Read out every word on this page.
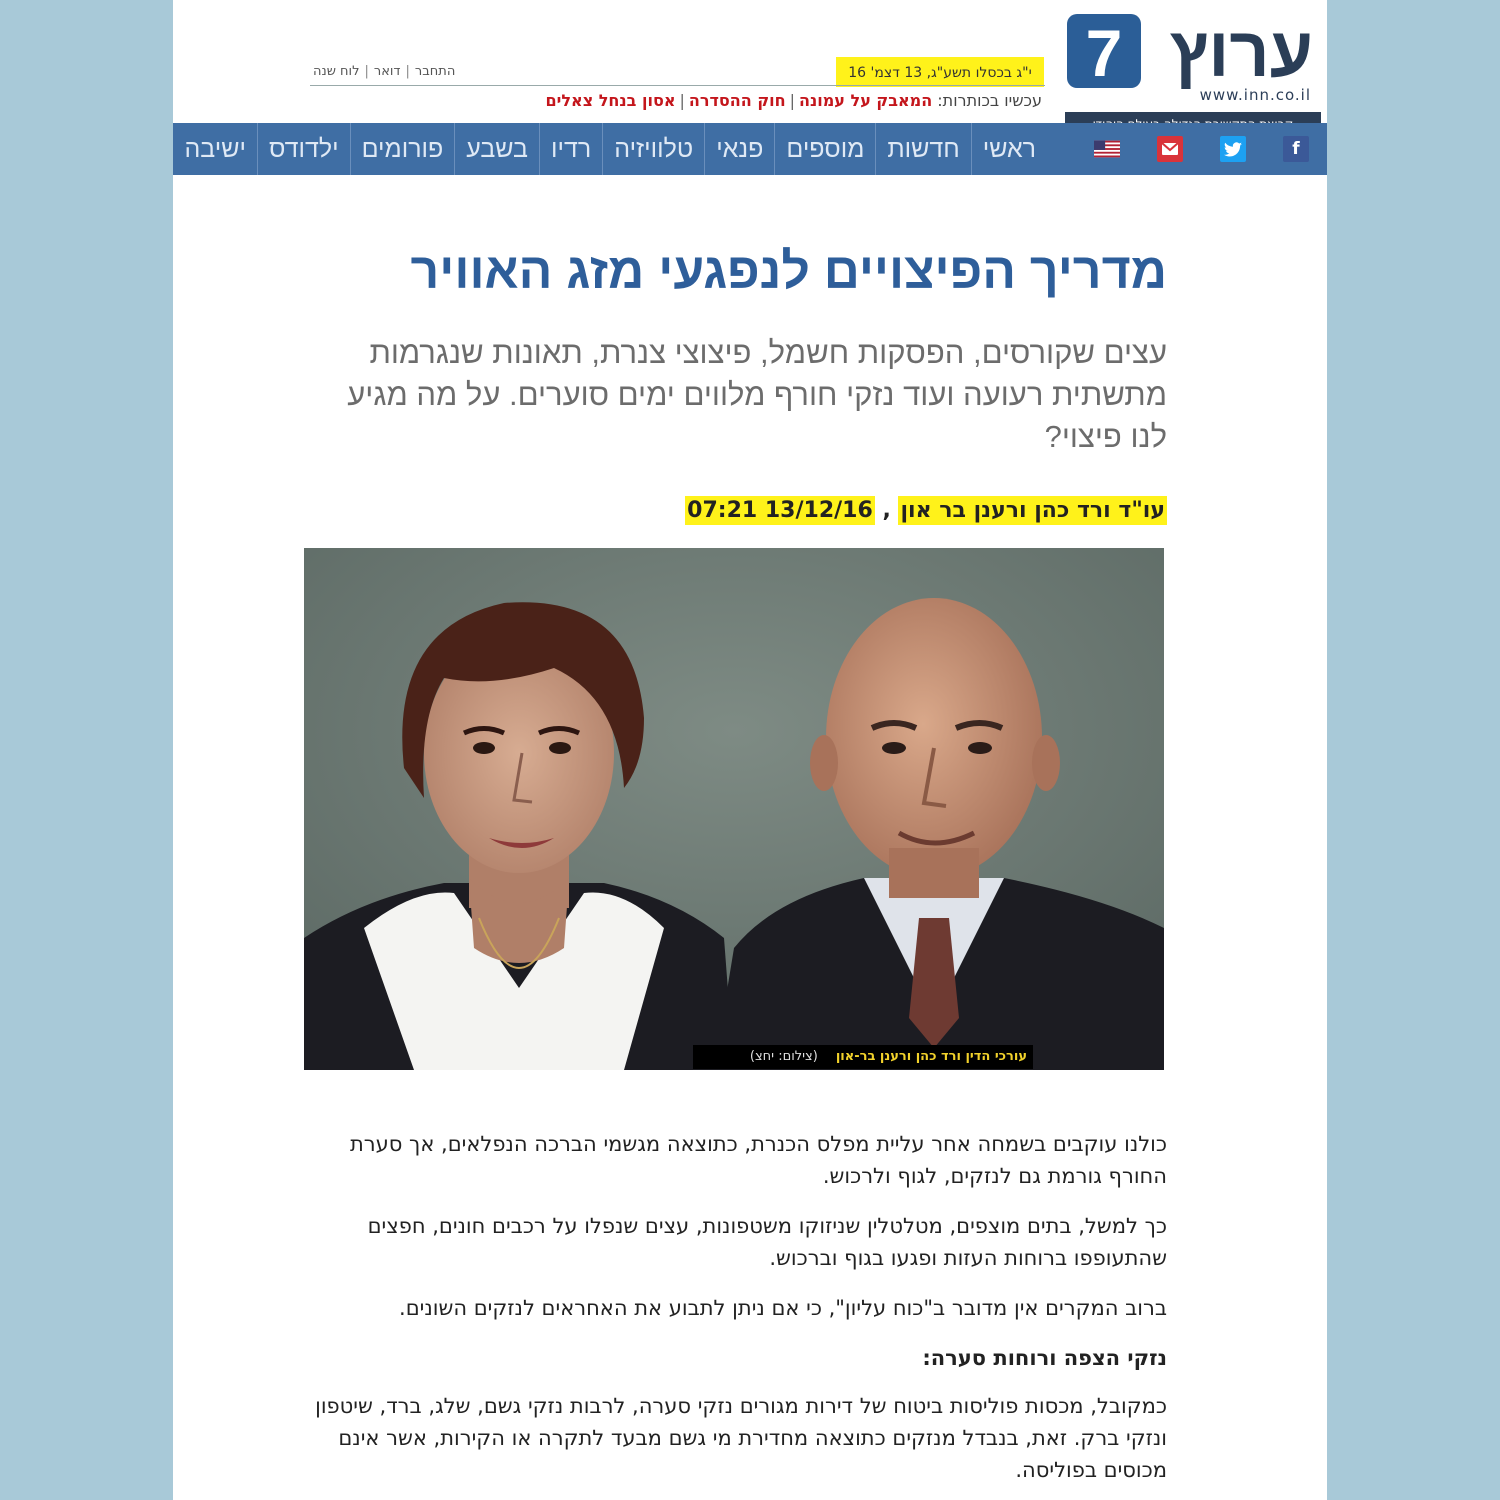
7 ערוץ
www.inn.co.il
י"ג בכסלו תשע"ג, 13 דצמ' 16
התחבר|דואר|לוח שנה
עכשיו בכותרות: המאבק על עמונה|חוק ההסדרה|אסון בנחל צאלים
f
ראשי
חדשות
מוספים
פנאי
טלוויזיה
רדיו
בשבע
פורומים
ילדודס
ישיבה
מדריך הפיצויים לנפגעי מזג האוויר

עצים שקורסים, הפסקות חשמל, פיצוצי צנרת, תאונות שנגרמות מתשתית רעועה ועוד נזקי חורף מלווים ימים סוערים. על מה מגיע לנו פיצוי?

עו"ד ורד כהן ורענן בר און , 13/12/16 07:21
עורכי הדין ורד כהן ורענן בר-און(צילום: יחצ)

כולנו עוקבים בשמחה אחר עליית מפלס הכנרת, כתוצאה מגשמי הברכה הנפלאים, אך סערת החורף גורמת גם לנזקים, לגוף ולרכוש.

כך למשל, בתים מוצפים, מטלטלין שניזוקו משטפונות, עצים שנפלו על רכבים חונים, חפצים שהתעופפו ברוחות העזות ופגעו בגוף וברכוש.

ברוב המקרים אין מדובר ב"כוח עליון", כי אם ניתן לתבוע את האחראים לנזקים השונים.

נזקי הצפה ורוחות סערה:

כמקובל, מכסות פוליסות ביטוח של דירות מגורים נזקי סערה, לרבות נזקי גשם, שלג, ברד, שיטפון ונזקי ברק. זאת, בנבדל מנזקים כתוצאה מחדירת מי גשם מבעד לתקרה או הקירות, אשר אינם מכוסים בפוליסה.
